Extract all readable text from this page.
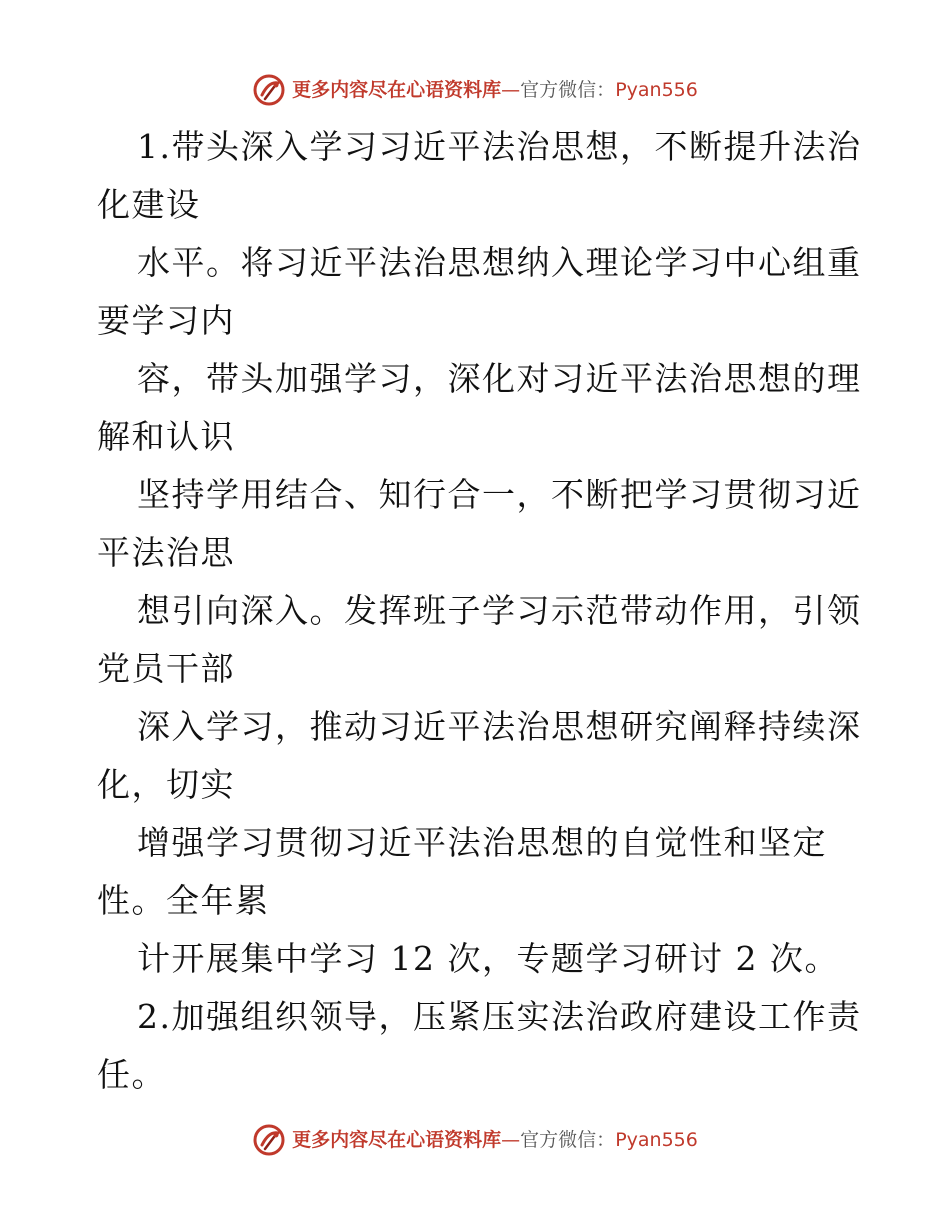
更多内容尽在心语资料库—官方微信：Pyan556

1.带头深入学习习近平法治思想，不断提升法治

化建设

水平。将习近平法治思想纳入理论学习中心组重

要学习内

容，带头加强学习，深化对习近平法治思想的理

解和认识

坚持学用结合、知行合一，不断把学习贯彻习近

平法治思

想引向深入。发挥班子学习示范带动作用，引领

党员干部

深入学习，推动习近平法治思想研究阐释持续深

化，切实

增强学习贯彻习近平法治思想的自觉性和坚定

性。全年累

计开展集中学习 12 次，专题学习研讨 2 次。

2.加强组织领导，压紧压实法治政府建设工作责

任。

更多内容尽在心语资料库—官方微信：Pyan556
